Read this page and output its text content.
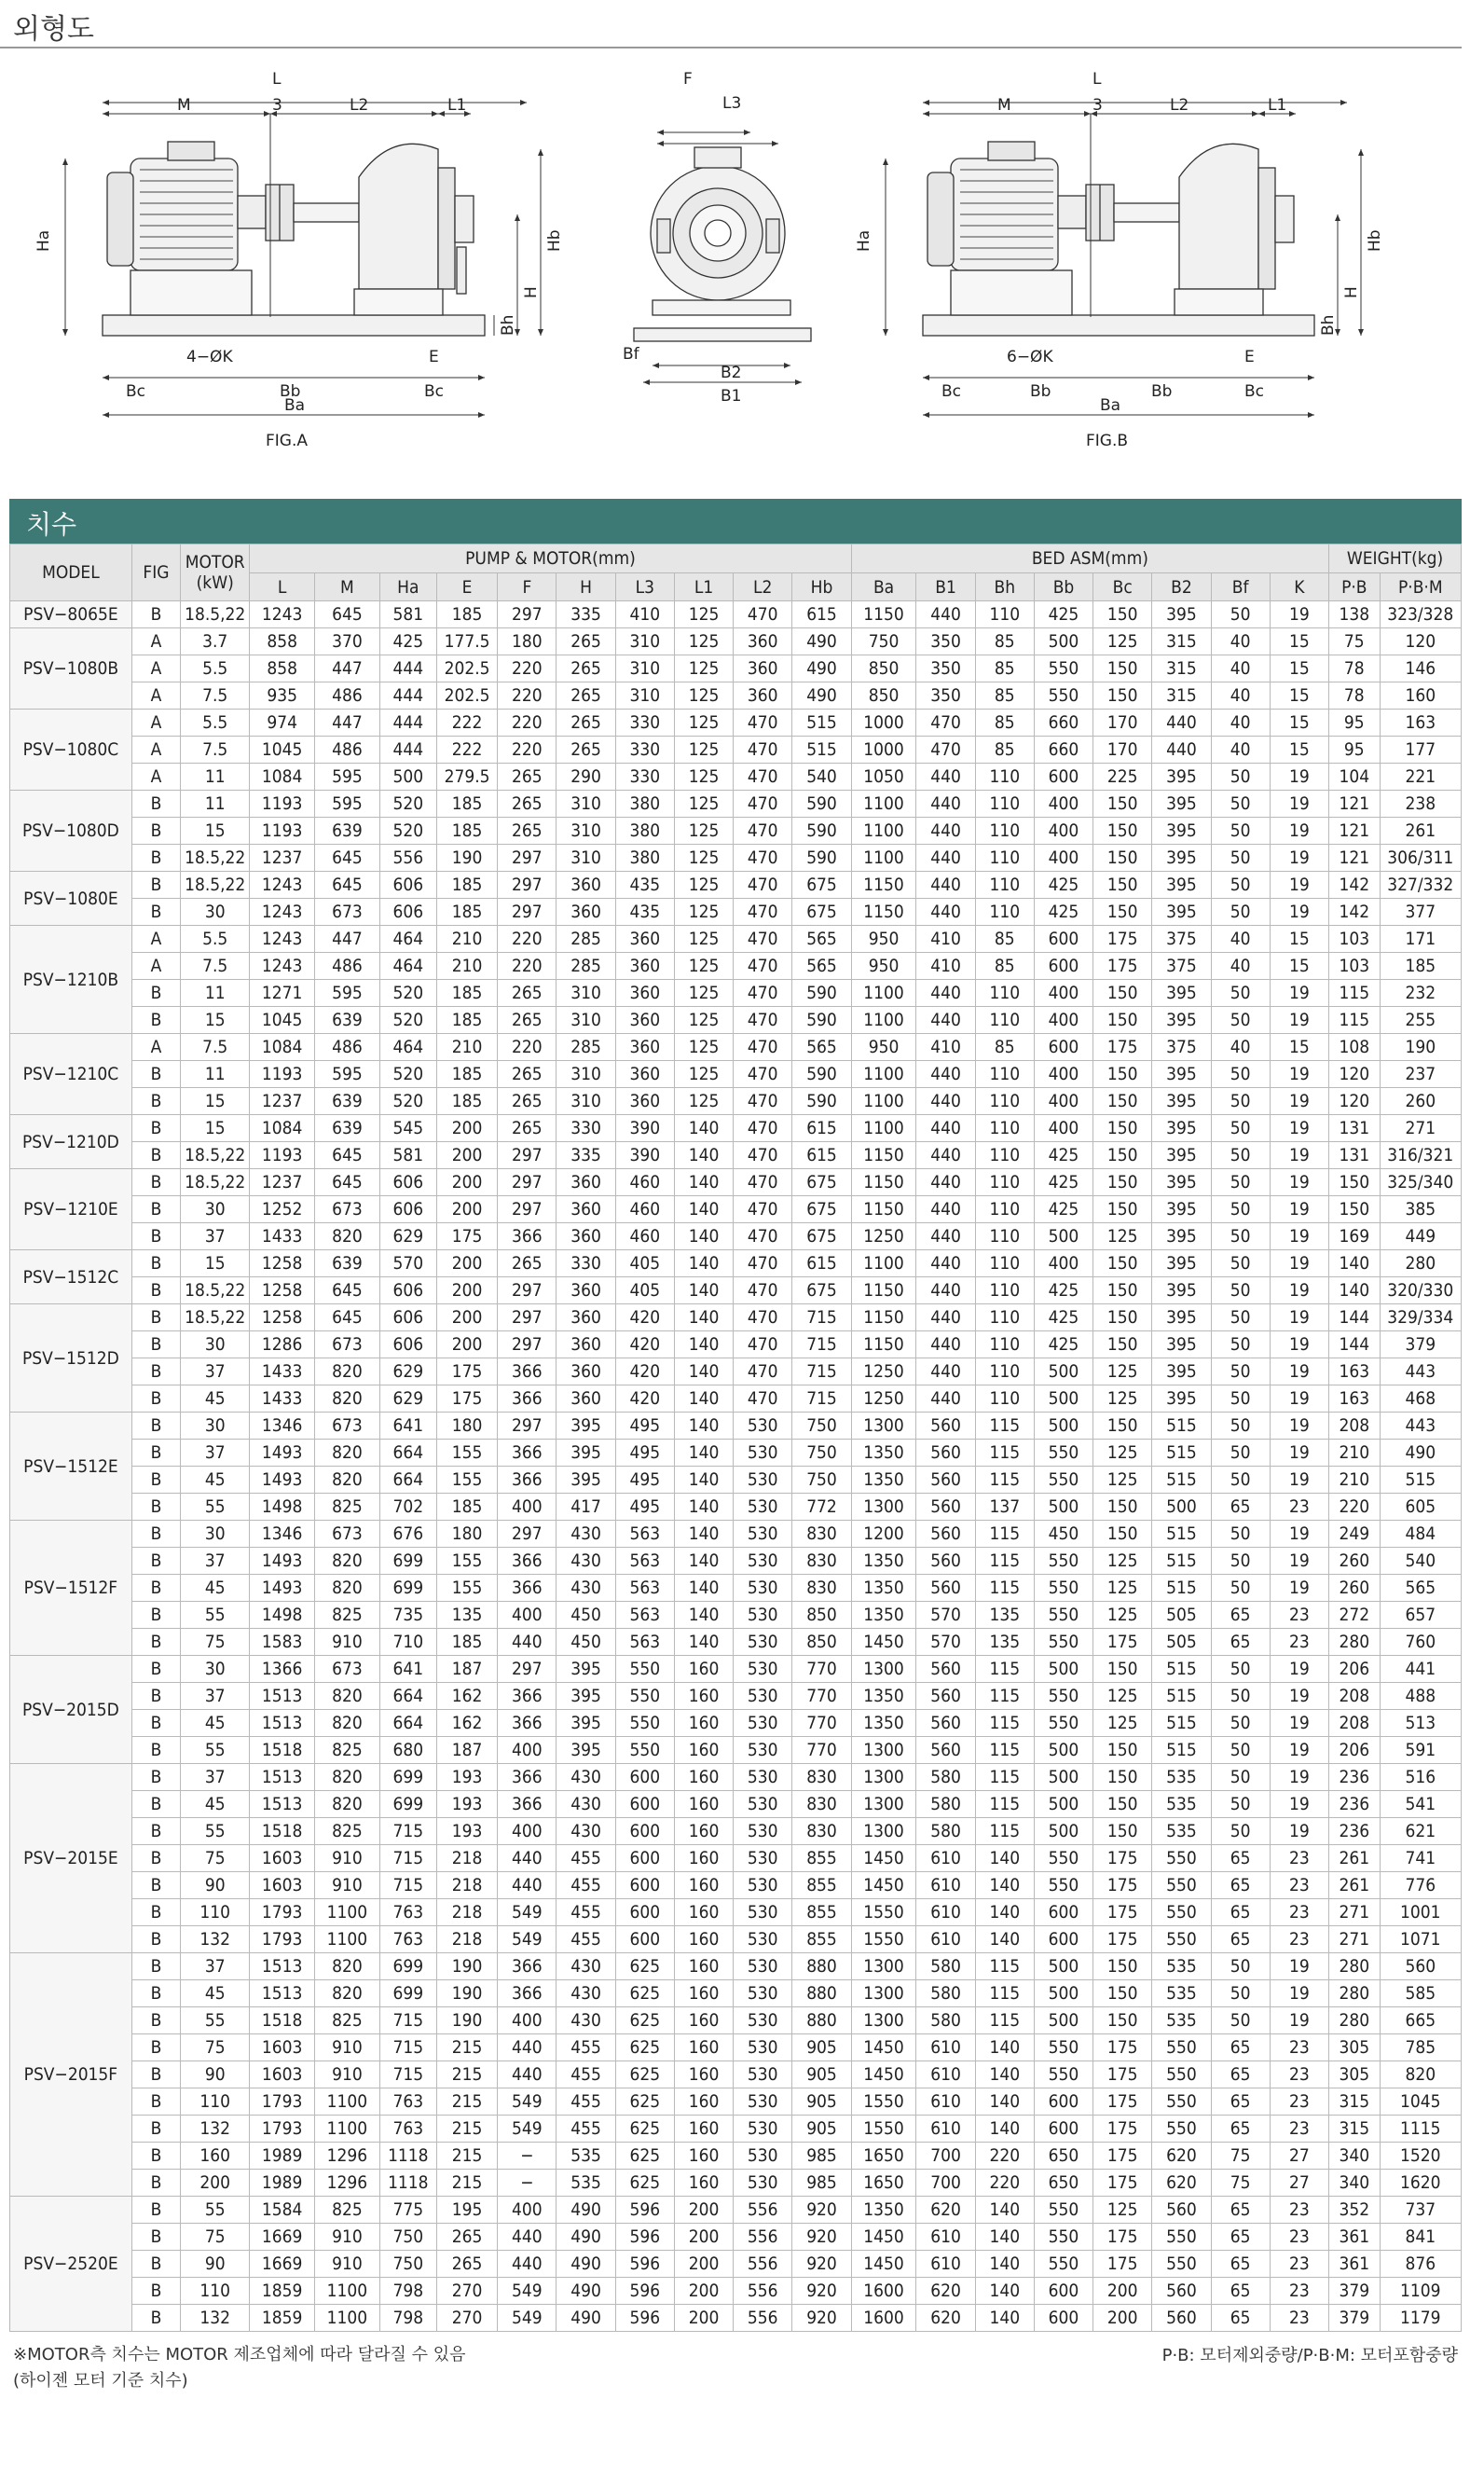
외형도
L
M	3	L2	L1
Ha	Hb
H
Bh
4−ØK	E
Bc	Bb	Bc
Ba
FIG.A
F
L3
Bf
B2
B1
L
M	3	L2	L1
Ha	Hb
H
Bh
6−ØK	E
Bc	Bb	Bb	Bc
Ba
FIG.B
치수
MODEL	FIG	MOTOR (kW)	PUMP & MOTOR(mm)										BED ASM(mm)								WEIGHT(kg)	
			L	M	Ha	E	F	H	L3	L1	L2	Hb	Ba	B1	Bh	Bb	Bc	B2	Bf	K	P·B	P·B·M
PSV−8065E	B	18.5,22	1243	645	581	185	297	335	410	125	470	615	1150	440	110	425	150	395	50	19	138	323/328
PSV−1080B	A	3.7	858	370	425	177.5	180	265	310	125	360	490	750	350	85	500	125	315	40	15	75	120
	A	5.5	858	447	444	202.5	220	265	310	125	360	490	850	350	85	550	150	315	40	15	78	146
	A	7.5	935	486	444	202.5	220	265	310	125	360	490	850	350	85	550	150	315	40	15	78	160
PSV−1080C	A	5.5	974	447	444	222	220	265	330	125	470	515	1000	470	85	660	170	440	40	15	95	163
	A	7.5	1045	486	444	222	220	265	330	125	470	515	1000	470	85	660	170	440	40	15	95	177
	A	11	1084	595	500	279.5	265	290	330	125	470	540	1050	440	110	600	225	395	50	19	104	221
PSV−1080D	B	11	1193	595	520	185	265	310	380	125	470	590	1100	440	110	400	150	395	50	19	121	238
	B	15	1193	639	520	185	265	310	380	125	470	590	1100	440	110	400	150	395	50	19	121	261
	B	18.5,22	1237	645	556	190	297	310	380	125	470	590	1100	440	110	400	150	395	50	19	121	306/311
PSV−1080E	B	18.5,22	1243	645	606	185	297	360	435	125	470	675	1150	440	110	425	150	395	50	19	142	327/332
	B	30	1243	673	606	185	297	360	435	125	470	675	1150	440	110	425	150	395	50	19	142	377
PSV−1210B	A	5.5	1243	447	464	210	220	285	360	125	470	565	950	410	85	600	175	375	40	15	103	171
	A	7.5	1243	486	464	210	220	285	360	125	470	565	950	410	85	600	175	375	40	15	103	185
	B	11	1271	595	520	185	265	310	360	125	470	590	1100	440	110	400	150	395	50	19	115	232
	B	15	1045	639	520	185	265	310	360	125	470	590	1100	440	110	400	150	395	50	19	115	255
PSV−1210C	A	7.5	1084	486	464	210	220	285	360	125	470	565	950	410	85	600	175	375	40	15	108	190
	B	11	1193	595	520	185	265	310	360	125	470	590	1100	440	110	400	150	395	50	19	120	237
	B	15	1237	639	520	185	265	310	360	125	470	590	1100	440	110	400	150	395	50	19	120	260
PSV−1210D	B	15	1084	639	545	200	265	330	390	140	470	615	1100	440	110	400	150	395	50	19	131	271
	B	18.5,22	1193	645	581	200	297	335	390	140	470	615	1150	440	110	425	150	395	50	19	131	316/321
PSV−1210E	B	18.5,22	1237	645	606	200	297	360	460	140	470	675	1150	440	110	425	150	395	50	19	150	325/340
	B	30	1252	673	606	200	297	360	460	140	470	675	1150	440	110	425	150	395	50	19	150	385
	B	37	1433	820	629	175	366	360	460	140	470	675	1250	440	110	500	125	395	50	19	169	449
PSV−1512C	B	15	1258	639	570	200	265	330	405	140	470	615	1100	440	110	400	150	395	50	19	140	280
	B	18.5,22	1258	645	606	200	297	360	405	140	470	675	1150	440	110	425	150	395	50	19	140	320/330
PSV−1512D	B	18.5,22	1258	645	606	200	297	360	420	140	470	715	1150	440	110	425	150	395	50	19	144	329/334
	B	30	1286	673	606	200	297	360	420	140	470	715	1150	440	110	425	150	395	50	19	144	379
	B	37	1433	820	629	175	366	360	420	140	470	715	1250	440	110	500	125	395	50	19	163	443
	B	45	1433	820	629	175	366	360	420	140	470	715	1250	440	110	500	125	395	50	19	163	468
PSV−1512E	B	30	1346	673	641	180	297	395	495	140	530	750	1300	560	115	500	150	515	50	19	208	443
	B	37	1493	820	664	155	366	395	495	140	530	750	1350	560	115	550	125	515	50	19	210	490
	B	45	1493	820	664	155	366	395	495	140	530	750	1350	560	115	550	125	515	50	19	210	515
	B	55	1498	825	702	185	400	417	495	140	530	772	1300	560	137	500	150	500	65	23	220	605
PSV−1512F	B	30	1346	673	676	180	297	430	563	140	530	830	1200	560	115	450	150	515	50	19	249	484
	B	37	1493	820	699	155	366	430	563	140	530	830	1350	560	115	550	125	515	50	19	260	540
	B	45	1493	820	699	155	366	430	563	140	530	830	1350	560	115	550	125	515	50	19	260	565
	B	55	1498	825	735	135	400	450	563	140	530	850	1350	570	135	550	125	505	65	23	272	657
	B	75	1583	910	710	185	440	450	563	140	530	850	1450	570	135	550	175	505	65	23	280	760
PSV−2015D	B	30	1366	673	641	187	297	395	550	160	530	770	1300	560	115	500	150	515	50	19	206	441
	B	37	1513	820	664	162	366	395	550	160	530	770	1350	560	115	550	125	515	50	19	208	488
	B	45	1513	820	664	162	366	395	550	160	530	770	1350	560	115	550	125	515	50	19	208	513
	B	55	1518	825	680	187	400	395	550	160	530	770	1300	560	115	500	150	515	50	19	206	591
PSV−2015E	B	37	1513	820	699	193	366	430	600	160	530	830	1300	580	115	500	150	535	50	19	236	516
	B	45	1513	820	699	193	366	430	600	160	530	830	1300	580	115	500	150	535	50	19	236	541
	B	55	1518	825	715	193	400	430	600	160	530	830	1300	580	115	500	150	535	50	19	236	621
	B	75	1603	910	715	218	440	455	600	160	530	855	1450	610	140	550	175	550	65	23	261	741
	B	90	1603	910	715	218	440	455	600	160	530	855	1450	610	140	550	175	550	65	23	261	776
	B	110	1793	1100	763	218	549	455	600	160	530	855	1550	610	140	600	175	550	65	23	271	1001
	B	132	1793	1100	763	218	549	455	600	160	530	855	1550	610	140	600	175	550	65	23	271	1071
PSV−2015F	B	37	1513	820	699	190	366	430	625	160	530	880	1300	580	115	500	150	535	50	19	280	560
	B	45	1513	820	699	190	366	430	625	160	530	880	1300	580	115	500	150	535	50	19	280	585
	B	55	1518	825	715	190	400	430	625	160	530	880	1300	580	115	500	150	535	50	19	280	665
	B	75	1603	910	715	215	440	455	625	160	530	905	1450	610	140	550	175	550	65	23	305	785
	B	90	1603	910	715	215	440	455	625	160	530	905	1450	610	140	550	175	550	65	23	305	820
	B	110	1793	1100	763	215	549	455	625	160	530	905	1550	610	140	600	175	550	65	23	315	1045
	B	132	1793	1100	763	215	549	455	625	160	530	905	1550	610	140	600	175	550	65	23	315	1115
	B	160	1989	1296	1118	215	−	535	625	160	530	985	1650	700	220	650	175	620	75	27	340	1520
	B	200	1989	1296	1118	215	−	535	625	160	530	985	1650	700	220	650	175	620	75	27	340	1620
PSV−2520E	B	55	1584	825	775	195	400	490	596	200	556	920	1350	620	140	550	125	560	65	23	352	737
	B	75	1669	910	750	265	440	490	596	200	556	920	1450	610	140	550	175	550	65	23	361	841
	B	90	1669	910	750	265	440	490	596	200	556	920	1450	610	140	550	175	550	65	23	361	876
	B	110	1859	1100	798	270	549	490	596	200	556	920	1600	620	140	600	200	560	65	23	379	1109
	B	132	1859	1100	798	270	549	490	596	200	556	920	1600	620	140	600	200	560	65	23	379	1179
※MOTOR측 치수는 MOTOR 제조업체에 따라 달라질 수 있음
(하이젠 모터 기준 치수)
P·B: 모터제외중량/P·B·M: 모터포함중량
